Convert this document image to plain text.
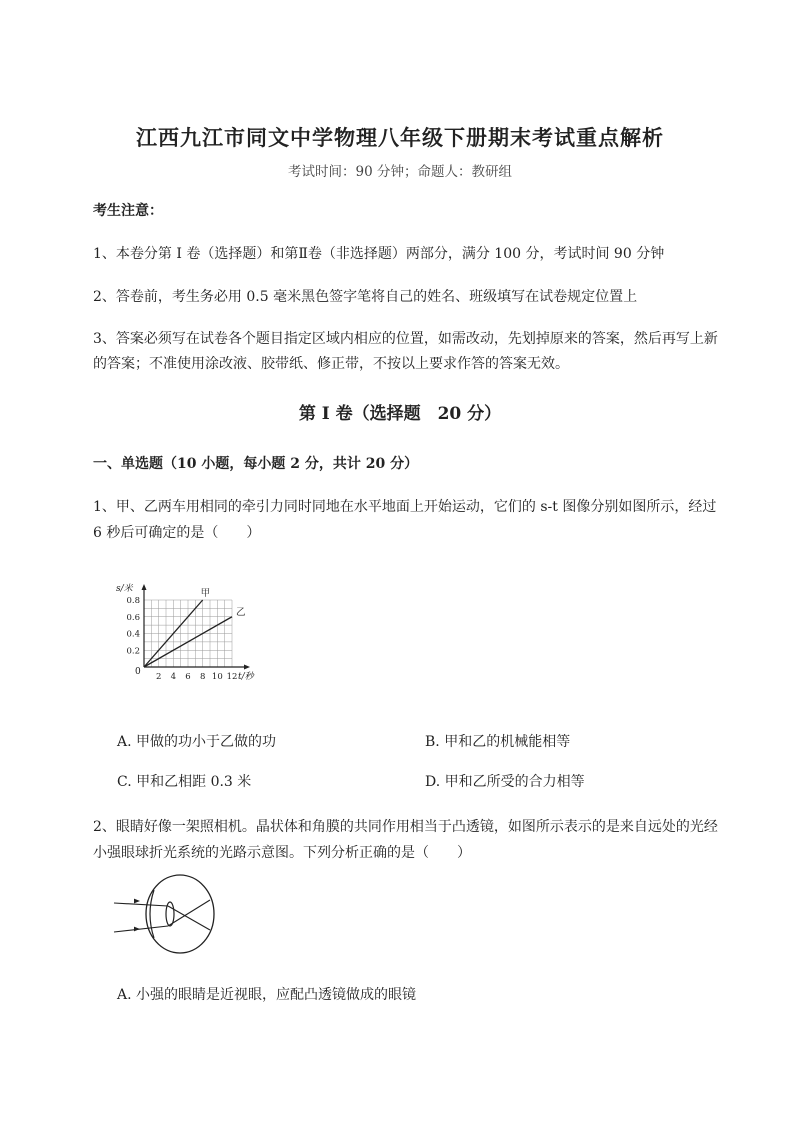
江西九江市同文中学物理八年级下册期末考试重点解析
考试时间：90 分钟；命题人：教研组
考生注意：
1、本卷分第 I 卷（选择题）和第Ⅱ卷（非选择题）两部分，满分 100 分，考试时间 90 分钟
2、答卷前，考生务必用 0.5 毫米黑色签字笔将自己的姓名、班级填写在试卷规定位置上
3、答案必须写在试卷各个题目指定区域内相应的位置，如需改动，先划掉原来的答案，然后再写上新
的答案；不准使用涂改液、胶带纸、修正带，不按以上要求作答的答案无效。
第 I 卷（选择题　20 分）
一、单选题（10 小题，每小题 2 分，共计 20 分）
1、甲、乙两车用相同的牵引力同时同地在水平地面上开始运动，它们的 s-t 图像分别如图所示，经过
6 秒后可确定的是（　　）
0.2
0.4
0.6
0.8
2 4 6 8 10 12
0
s/米
t/秒
甲
乙
A. 甲做的功小于乙做的功	B. 甲和乙的机械能相等
C. 甲和乙相距 0.3 米	D. 甲和乙所受的合力相等
2、眼睛好像一架照相机。晶状体和角膜的共同作用相当于凸透镜，如图所示表示的是来自远处的光经
小强眼球折光系统的光路示意图。下列分析正确的是（　　）
A. 小强的眼睛是近视眼，应配凸透镜做成的眼镜
